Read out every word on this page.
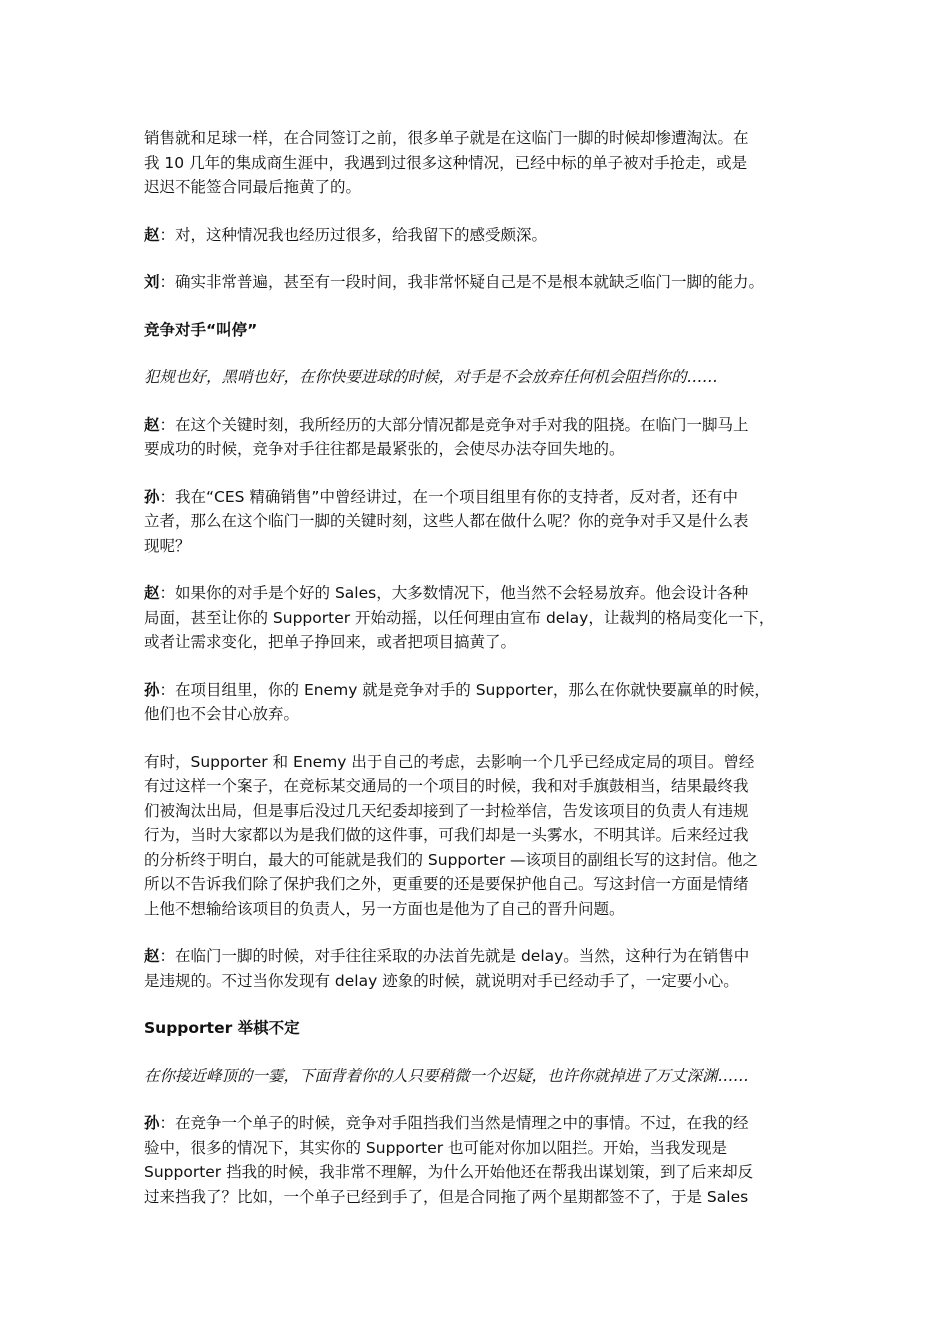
销售就和足球一样，在合同签订之前，很多单子就是在这临门一脚的时候却惨遭淘汰。在
我 10 几年的集成商生涯中，我遇到过很多这种情况，已经中标的单子被对手抢走，或是
迟迟不能签合同最后拖黄了的。

赵：对，这种情况我也经历过很多，给我留下的感受颇深。

刘：确实非常普遍，甚至有一段时间，我非常怀疑自己是不是根本就缺乏临门一脚的能力。

竞争对手“叫停”

犯规也好，黑哨也好，在你快要进球的时候，对手是不会放弃任何机会阻挡你的……

赵：在这个关键时刻，我所经历的大部分情况都是竞争对手对我的阻挠。在临门一脚马上
要成功的时候，竞争对手往往都是最紧张的，会使尽办法夺回失地的。

孙：我在“CES 精确销售”中曾经讲过，在一个项目组里有你的支持者，反对者，还有中
立者，那么在这个临门一脚的关键时刻，这些人都在做什么呢？你的竞争对手又是什么表
现呢？

赵：如果你的对手是个好的 Sales，大多数情况下，他当然不会轻易放弃。他会设计各种
局面，甚至让你的 Supporter 开始动摇，以任何理由宣布 delay，让裁判的格局变化一下，
或者让需求变化，把单子挣回来，或者把项目搞黄了。

孙：在项目组里，你的 Enemy 就是竞争对手的 Supporter，那么在你就快要赢单的时候，
他们也不会甘心放弃。

有时，Supporter 和 Enemy 出于自己的考虑，去影响一个几乎已经成定局的项目。曾经
有过这样一个案子，在竞标某交通局的一个项目的时候，我和对手旗鼓相当，结果最终我
们被淘汰出局，但是事后没过几天纪委却接到了一封检举信，告发该项目的负责人有违规
行为，当时大家都以为是我们做的这件事，可我们却是一头雾水，不明其详。后来经过我
的分析终于明白，最大的可能就是我们的 Supporter —该项目的副组长写的这封信。他之
所以不告诉我们除了保护我们之外，更重要的还是要保护他自己。写这封信一方面是情绪
上他不想输给该项目的负责人，另一方面也是他为了自己的晋升问题。

赵：在临门一脚的时候，对手往往采取的办法首先就是 delay。当然，这种行为在销售中
是违规的。不过当你发现有 delay 迹象的时候，就说明对手已经动手了，一定要小心。

Supporter 举棋不定

在你接近峰顶的一霎，下面背着你的人只要稍微一个迟疑，也许你就掉进了万丈深渊……

孙：在竞争一个单子的时候，竞争对手阻挡我们当然是情理之中的事情。不过，在我的经
验中，很多的情况下，其实你的 Supporter 也可能对你加以阻拦。开始，当我发现是
Supporter 挡我的时候，我非常不理解，为什么开始他还在帮我出谋划策，到了后来却反
过来挡我了？比如，一个单子已经到手了，但是合同拖了两个星期都签不了，于是 Sales
